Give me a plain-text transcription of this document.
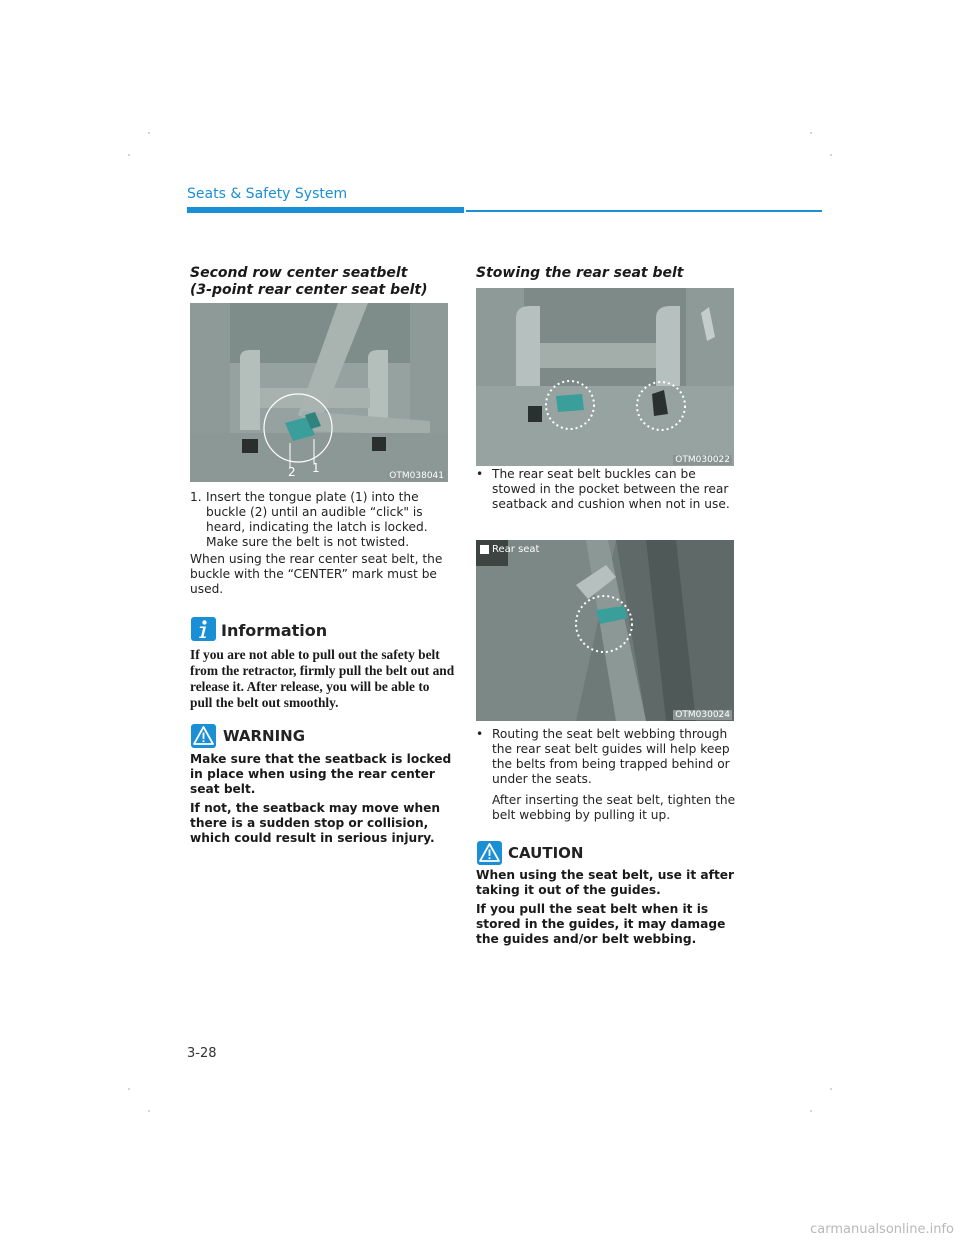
Seats & Safety System
Second row center seatbelt
(3-point rear center seat belt)
2 1
OTM038041
1. Insert the tongue plate (1) into the buckle (2) until an audible “click" is heard, indicating the latch is locked. Make sure the belt is not twisted.
When using the rear center seat belt, the buckle with the “CENTER” mark must be used.
Information
If you are not able to pull out the safety belt from the retractor, firmly pull the belt out and release it. After release, you will be able to pull the belt out smoothly.
WARNING
Make sure that the seatback is locked in place when using the rear center seat belt.
If not, the seatback may move when there is a sudden stop or collision, which could result in serious injury.
Stowing the rear seat belt
OTM030022
• The rear seat belt buckles can be stowed in the pocket between the rear seatback and cushion when not in use.
Rear seat
OTM030024
• Routing the seat belt webbing through the rear seat belt guides will help keep the belts from being trapped behind or under the seats.
After inserting the seat belt, tighten the belt webbing by pulling it up.
CAUTION
When using the seat belt, use it after taking it out of the guides.
If you pull the seat belt when it is stored in the guides, it may damage the guides and/or belt webbing.
3-28
carmanualsonline.info
